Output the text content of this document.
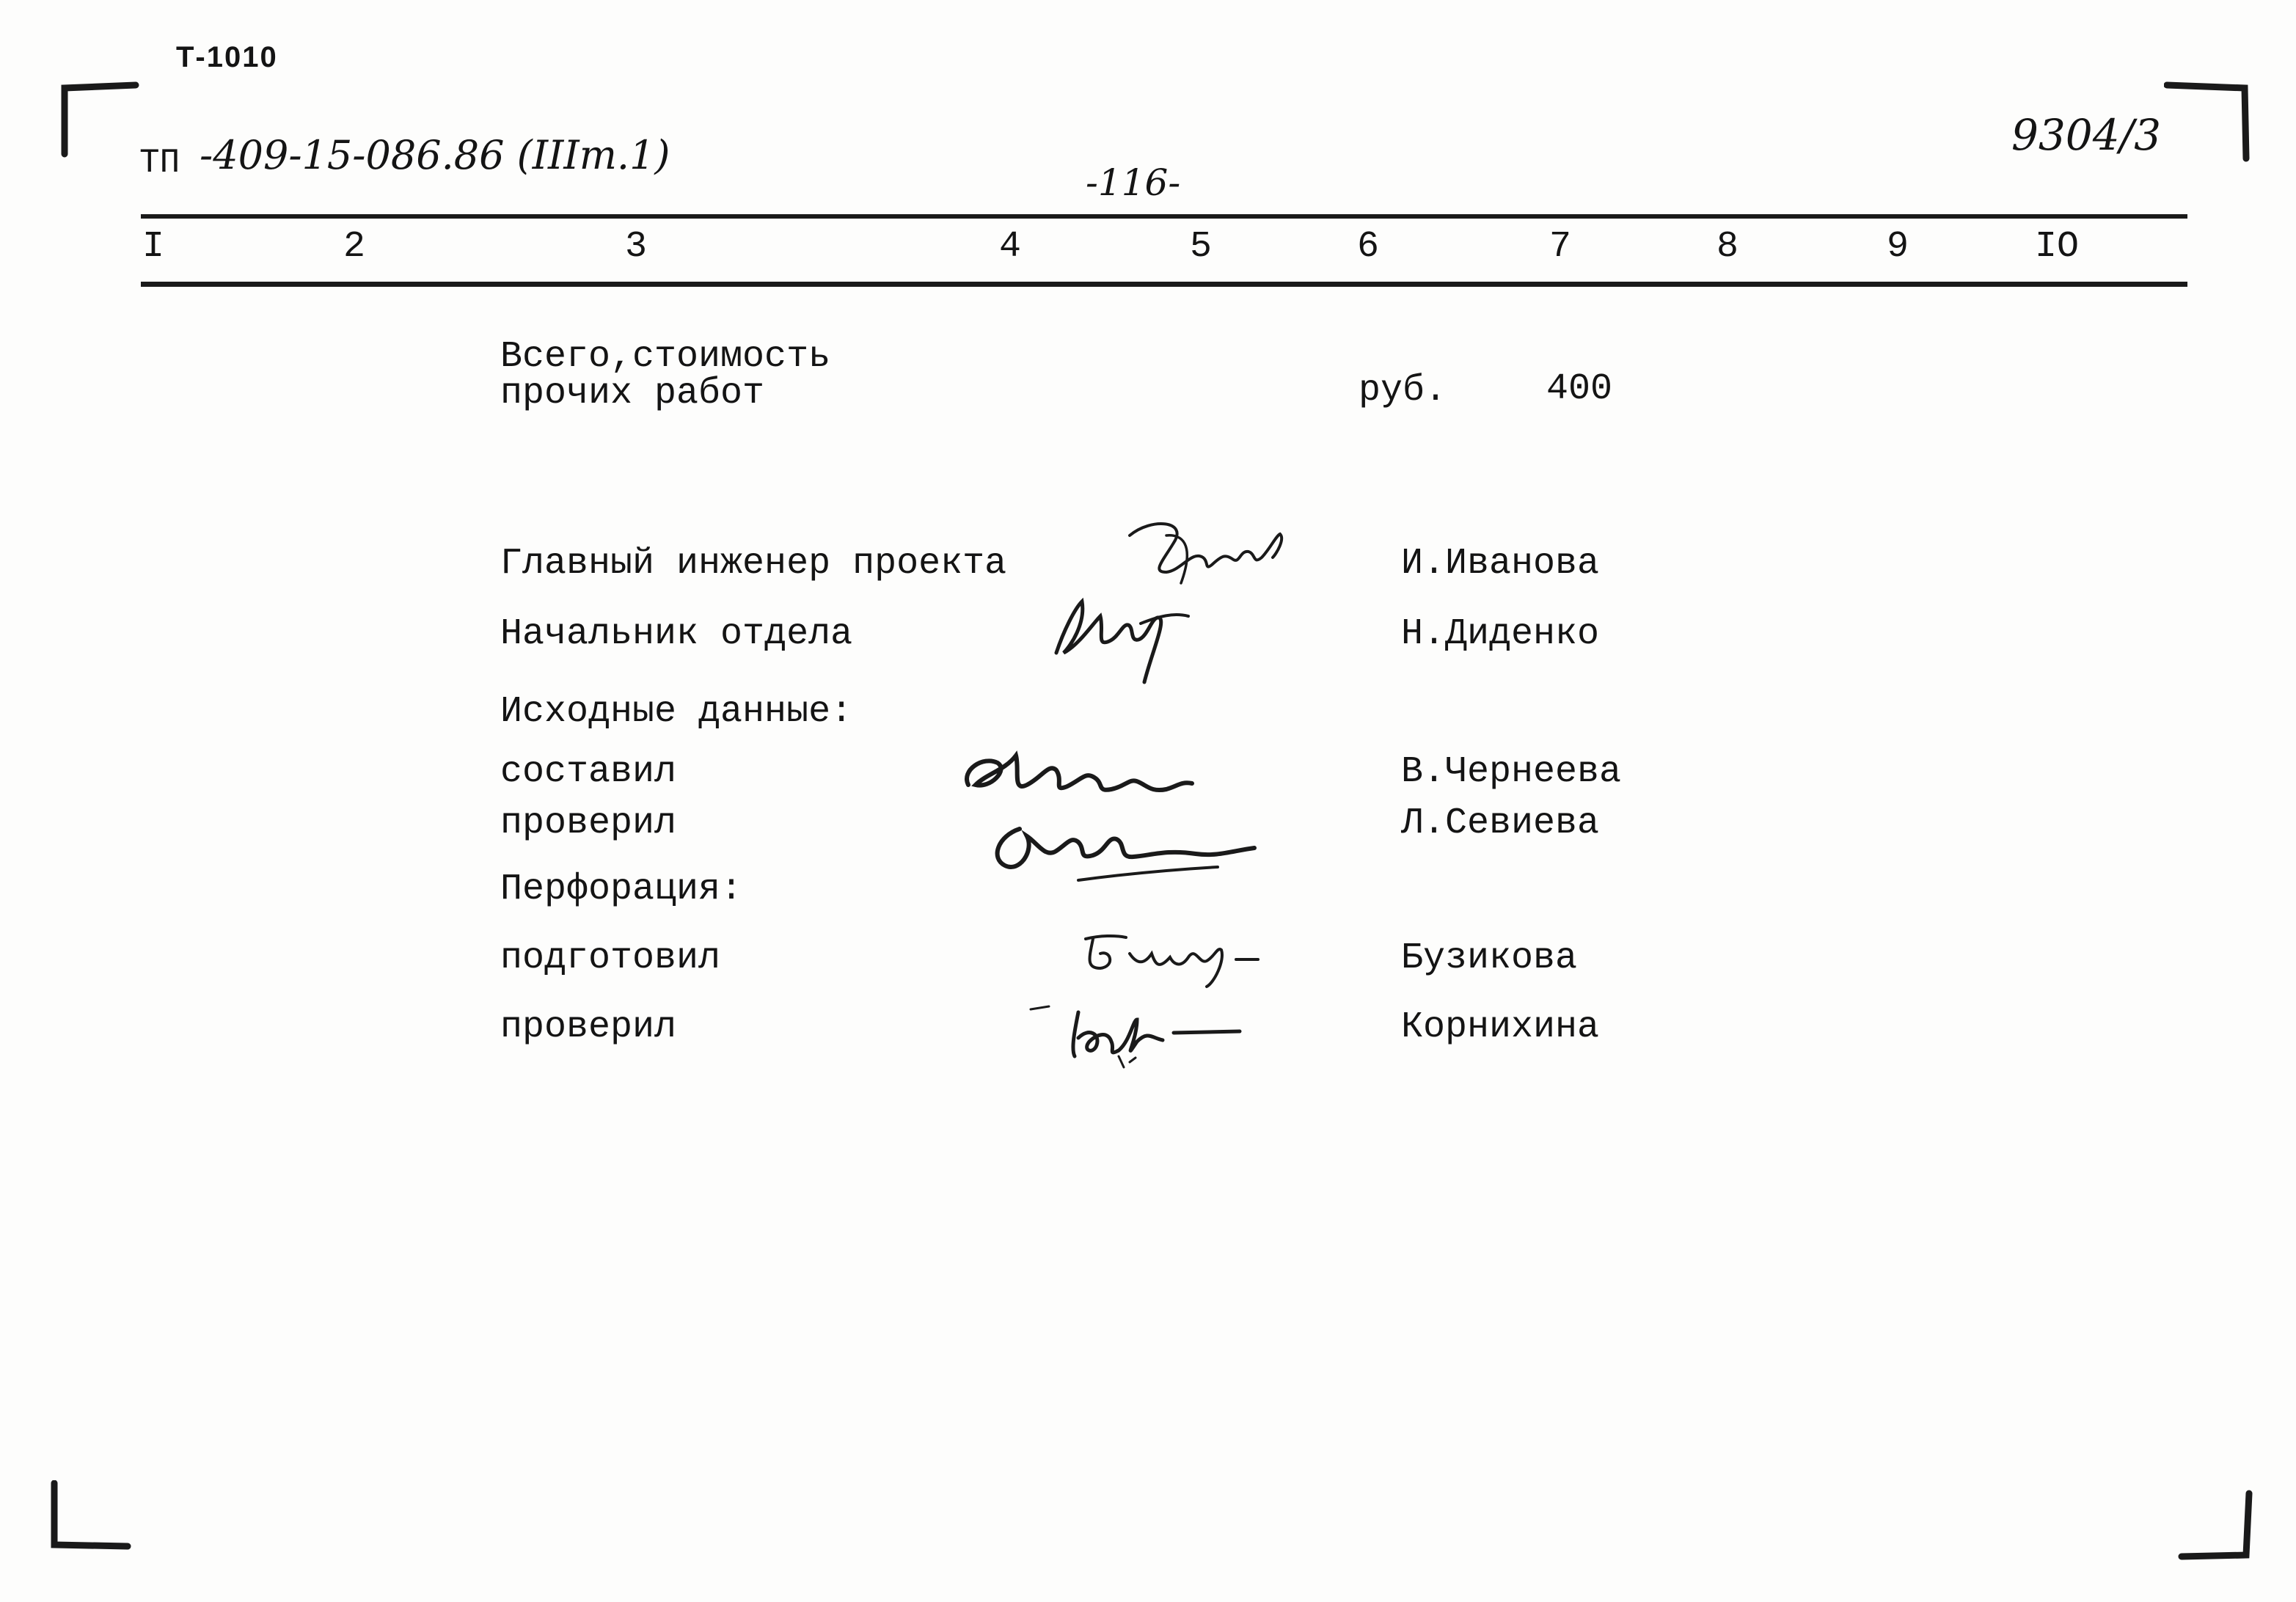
Т-1010
ТП -409-15-086.86 (IIIт.1)
-116-
9304/3
I	2	3	4	5	6	7	8	9	IO
Всего,стоимость
прочих работ	руб.	400
Главный инженер проекта	И.Иванова
Начальник отдела	Н.Диденко
Исходные данные:
составил	В.Чернеева
проверил	Л.Севиева
Перфорация:
подготовил	Бузикова
проверил	Корнихина
